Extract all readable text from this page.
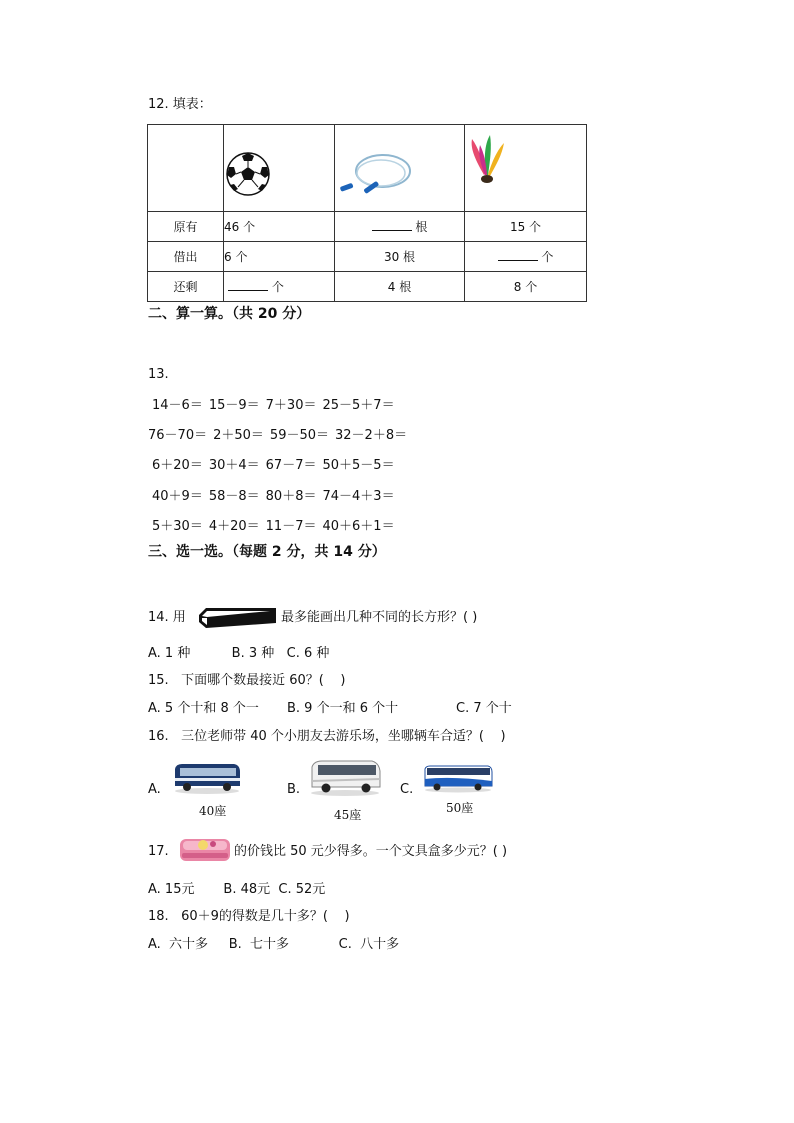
12. 填表：

原有	46 个	根	15 个
借出	6 个	30 根	个
还剩	个	4 根	8 个
二、算一算。（共 20 分）
13.
14－6＝ 15－9＝ 7＋30＝ 25－5＋7＝
76－70＝ 2＋50＝ 59－50＝ 32－2＋8＝
6＋20＝ 30＋4＝ 67－7＝ 50＋5－5＝
40＋9＝ 58－8＝ 80＋8＝ 74－4＋3＝
5＋30＝ 4＋20＝ 11－7＝ 40＋6＋1＝
三、选一选。（每题 2 分，共 14 分）
14. 用	最多能画出几种不同的长方形？( )
A. 1 种          B. 3 种   C. 6 种
15.   下面哪个数最接近 60？(    )
A. 5 个十和 8 个一 B. 9 个一和 6 个十	C. 7 个十
16.   三位老师带 40 个小朋友去游乐场，坐哪辆车合适？(    )
A.
40座
B.
45座
C.
50座
17.	的价钱比 50 元少得多。一个文具盒多少元？( )
A. 15元       B. 48元  C. 52元
18.   60＋9的得数是几十多？(    )
A.  六十多     B.  七十多            C.  八十多
